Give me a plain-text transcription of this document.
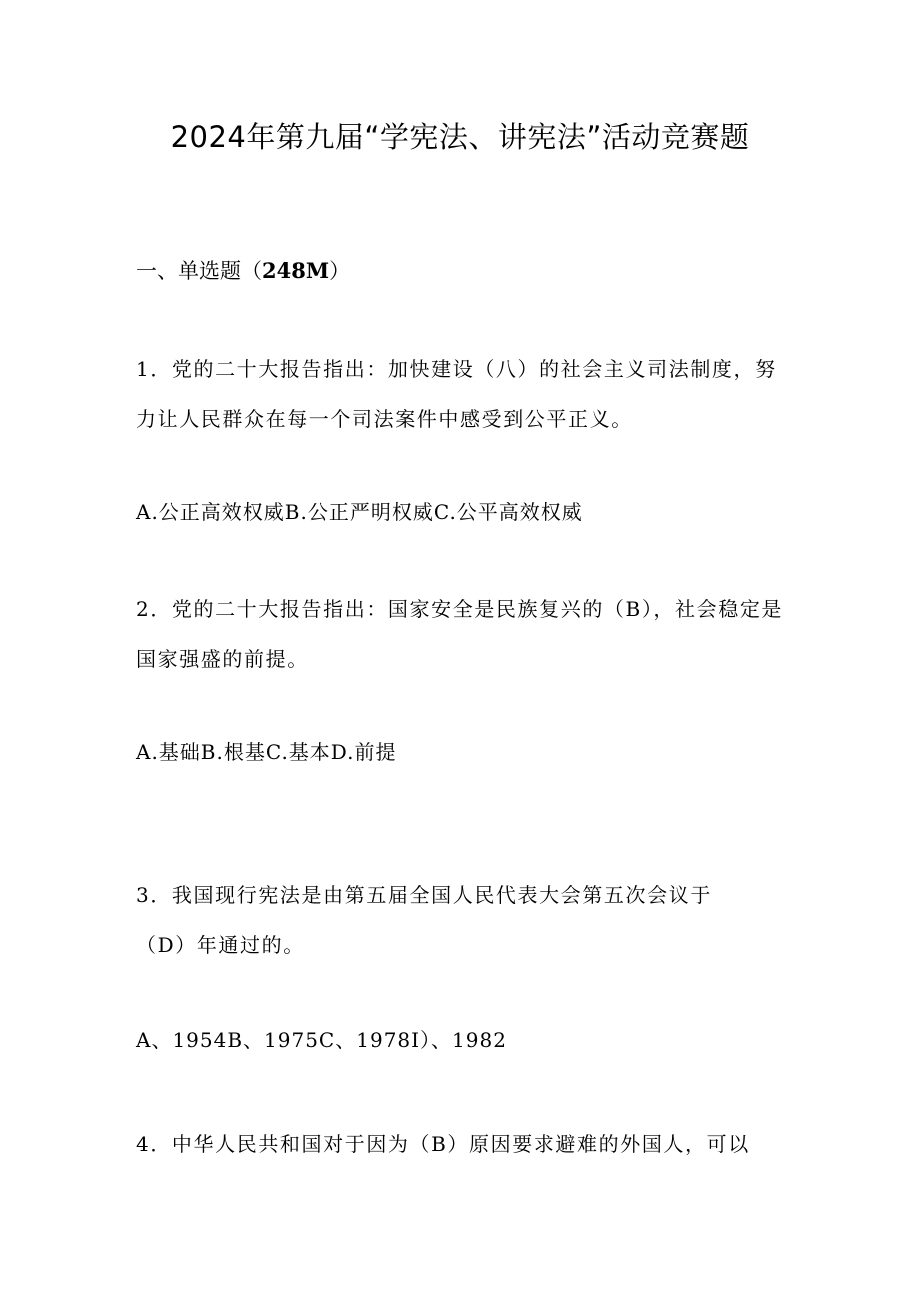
2024年第九届“学宪法、讲宪法”活动竞赛题
一、单选题（248M）

1．党的二十大报告指出：加快建设（八）的社会主义司法制度，努

力让人民群众在每一个司法案件中感受到公平正义。

A.公正高效权威B.公正严明权威C.公平高效权威

2．党的二十大报告指出：国家安全是民族复兴的（B），社会稳定是

国家强盛的前提。

A.基础B.根基C.基本D.前提

3．我国现行宪法是由第五届全国人民代表大会第五次会议于

（D）年通过的。

A、1954B、1975C、1978I）、1982

4．中华人民共和国对于因为（B）原因要求避难的外国人，可以
